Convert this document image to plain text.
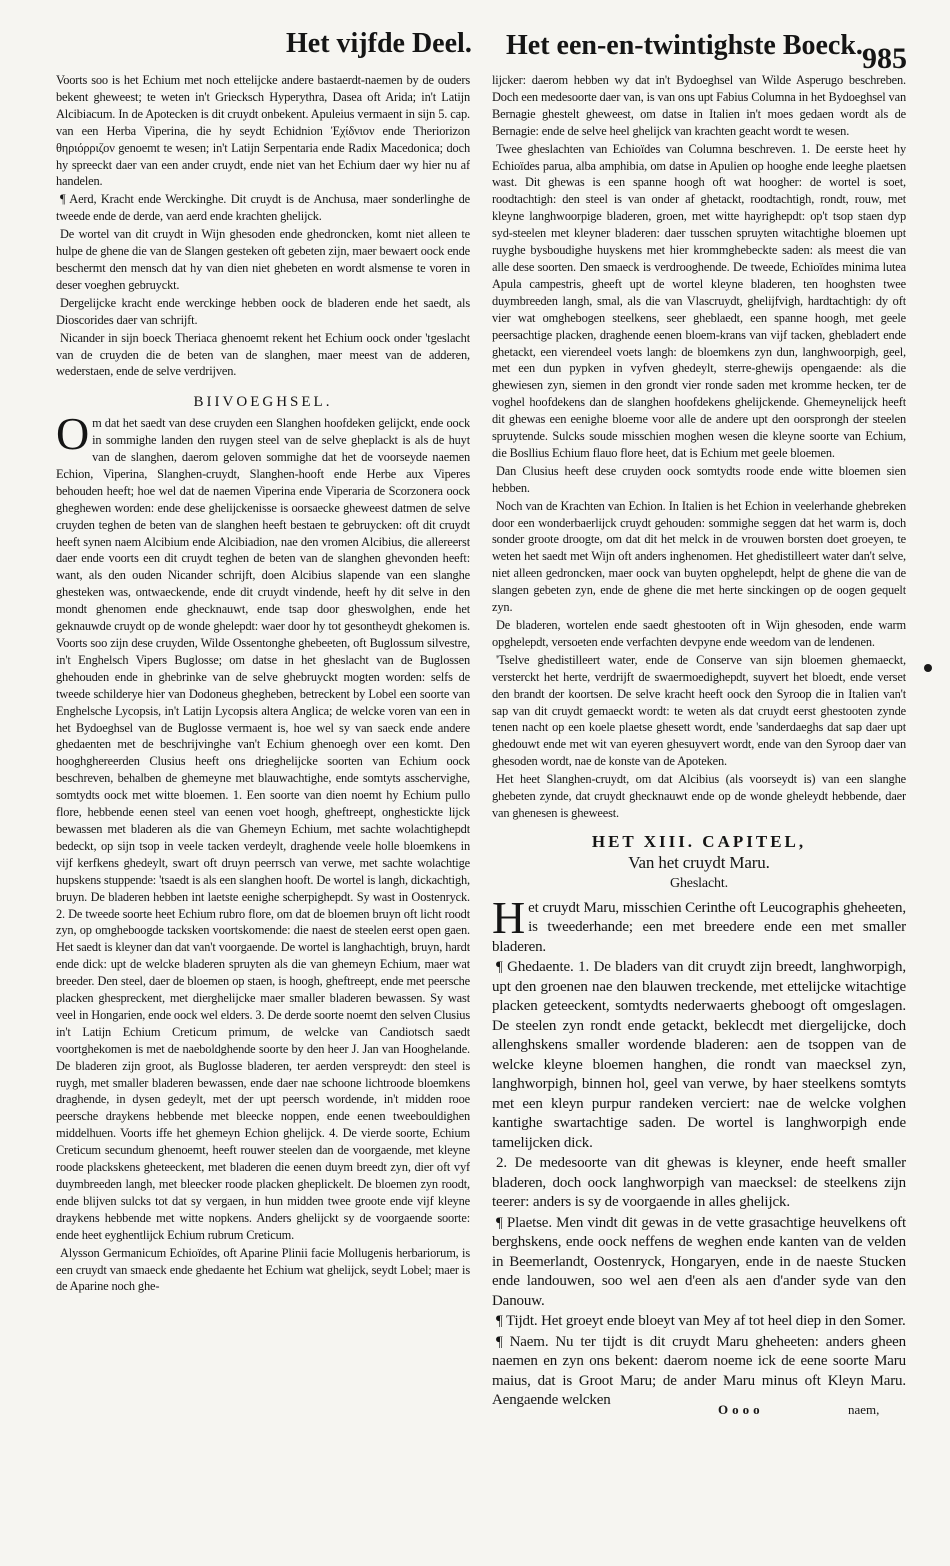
Het vijfde Deel. Het een-en-twintighste Boeck. 985

Voorts soo is het Echium met noch ettelijcke andere bastaerdt-naemen by de ouders bekent gheweest; te weten in't Griecksch Hyperythra, Dasea oft Arida; in't Latijn Alcibiacum. In de Apotecken is dit cruydt onbekent. Apuleius vermaent in sijn 5. cap. van een Herba Viperina, die hy seydt Echidnion Ἐχίδνιον ende Theriorizon θηριόρριζον genoemt te wesen; in't Latijn Serpentaria ende Radix Macedonica; doch hy spreeckt daer van een ander cruydt, ende niet van het Echium daer wy hier nu af handelen.

¶ Aerd, Kracht ende Werckinghe. Dit cruydt is de Anchusa, maer sonderlinghe de tweede ende de derde, van aerd ende krachten ghelijck.

De wortel van dit cruydt in Wijn ghesoden ende ghedroncken, komt niet alleen te hulpe de ghene die van de Slangen gesteken oft gebeten zijn, maer bewaert oock ende beschermt den mensch dat hy van dien niet ghebeten en wordt alsmense te voren in deser voeghen gebruyckt.

Dergelijcke kracht ende werckinge hebben oock de bladeren ende het saedt, als Dioscorides daer van schrijft.

Nicander in sijn boeck Theriaca ghenoemt rekent het Echium oock onder 'tgeslacht van de cruyden die de beten van de slanghen, maer meest van de adderen, wederstaen, ende de selve verdrijven.

BIIVOEGHSEL.

Om dat het saedt van dese cruyden een Slanghen hoofdeken gelijckt, ende oock in sommighe landen den ruygen steel van de selve gheplackt is als de huyt van de slanghen, daerom geloven sommighe dat het de voorseyde naemen Echion, Viperina, Slanghen-cruydt, Slanghen-hooft ende Herbe aux Viperes behouden heeft; hoe wel dat de naemen Viperina ende Viperaria de Scorzonera oock gheghewen worden: ende dese ghelijckenisse is oorsaecke gheweest datmen de selve cruyden teghen de beten van de slanghen heeft bestaen te gebruycken: oft dit cruydt heeft synen naem Alcibium ende Alcibiadion, nae den vromen Alcibius, die allereerst daer ende voorts een dit cruydt teghen de beten van de slanghen ghevonden heeft: want, als den ouden Nicander schrijft, doen Alcibius slapende van een slanghe ghesteken was, ontwaeckende, ende dit cruydt vindende, heeft hy dit selve in den mondt ghenomen ende ghecknauwt, ende tsap door gheswolghen, ende het geknauwde cruydt op de wonde ghelepdt: waer door hy tot gesontheydt ghekomen is. Voorts soo zijn dese cruyden, Wilde Ossentonghe ghebeeten, oft Buglossum silvestre, in't Enghelsch Vipers Buglosse; om datse in het gheslacht van de Buglossen ghehouden ende in ghebrinke van de selve ghebruyckt mogten worden: selfs de tweede schilderye hier van Dodoneus ghegheben, betreckent by Lobel een soorte van Enghelsche Lycopsis, in't Latijn Lycopsis altera Anglica; de welcke voren van een in het Bydoeghsel van de Buglosse vermaent is, hoe wel sy van saeck ende andere ghedaenten met de beschrijvinghe van't Echium ghenoegh over een komt. Den hooghghereerden Clusius heeft ons drieghelijcke soorten van Echium oock beschreven, behalben de ghemeyne met blauwachtighe, ende somtyts asschervighe, somtydts oock met witte bloemen. 1. Een soorte van dien noemt hy Echium pullo flore, hebbende eenen steel van eenen voet hoogh, gheftreept, onghestickte lijck bewassen met bladeren als die van Ghemeyn Echium, met sachte wolachtighepdt bedeckt, op sijn tsop in veele tacken verdeylt, draghende veele holle bloemkens in vijf kerfkens ghedeylt, swart oft druyn peerrsch van verwe, met sachte wolachtige hupskens stuppende: 'tsaedt is als een slanghen hooft. De wortel is langh, dickachtigh, bruyn. De bladeren hebben int laetste eenighe scherpighepdt. Sy wast in Oostenryck. 2. De tweede soorte heet Echium rubro flore, om dat de bloemen bruyn oft licht roodt zyn, op omgheboogde tacksken voortskomende: die naest de steelen eerst open gaen. Het saedt is kleyner dan dat van't voorgaende. De wortel is langhachtigh, bruyn, hardt ende dick: upt de welcke bladeren spruyten als die van ghemeyn Echium, maer wat breeder. Den steel, daer de bloemen op staen, is hoogh, gheftreept, ende met peersche placken ghespreckent, met dierghelijcke maer smaller bladeren bewassen. Sy wast veel in Hongarien, ende oock wel elders. 3. De derde soorte noemt den selven Clusius in't Latijn Echium Creticum primum, de welcke van Candiotsch saedt voortghekomen is met de naeboldghende soorte by den heer J. Jan van Hooghelande. De bladeren zijn groot, als Buglosse bladeren, ter aerden verspreydt: den steel is ruygh, met smaller bladeren bewassen, ende daer nae schoone lichtroode bloemkens draghende, in dysen gedeylt, met der upt peersch wordende, in't midden rooe peersche draykens hebbende met bleecke noppen, ende eenen tweebouldighen middelhuen. Voorts iffe het ghemeyn Echion ghelijck. 4. De vierde soorte, Echium Creticum secundum ghenoemt, heeft rouwer steelen dan de voorgaende, met kleyne roode plackskens gheteeckent, met bladeren die eenen duym breedt zyn, dier oft vyf duymbreeden langh, met bleecker roode placken gheplickelt. De bloemen zyn roodt, ende blijven sulcks tot dat sy vergaen, in hun midden twee groote ende vijf kleyne draykens hebbende met witte nopkens. Anders ghelijckt sy de voorgaende soorte: ende heet eyghentlijck Echium rubrum Creticum.

Alysson Germanicum Echioïdes, oft Aparine Plinii facie Mollugenis herbariorum, is een cruydt van smaeck ende ghedaente het Echium wat ghelijck, seydt Lobel; maer is de Aparine noch ghe-

lijcker: daerom hebben wy dat in't Bydoeghsel van Wilde Asperugo beschreben. Doch een medesoorte daer van, is van ons upt Fabius Columna in het Bydoeghsel van Bernagie ghestelt gheweest, om datse in Italien in't moes gedaen wordt als de Bernagie: ende de selve heel ghelijck van krachten geacht wordt te wesen.

Twee gheslachten van Echioïdes van Columna beschreven. 1. De eerste heet hy Echioïdes parua, alba amphibia, om datse in Apulien op hooghe ende leeghe plaetsen wast. Dit ghewas is een spanne hoogh oft wat hoogher: de wortel is soet, roodtachtigh: den steel is van onder af ghetackt, roodtachtigh, rondt, rouw, met kleyne langhwoorpige bladeren, groen, met witte hayrighepdt: op't tsop staen dyp syd-steelen met kleyner bladeren: daer tusschen spruyten witachtighe bloemen upt ruyghe bysboudighe huyskens met hier krommghebeckte saden: als meest die van alle dese soorten. Den smaeck is verdrooghende. De tweede, Echioïdes minima lutea Apula campestris, gheeft upt de wortel kleyne bladeren, ten hooghsten twee duymbreeden langh, smal, als die van Vlascruydt, ghelijfvigh, hardtachtigh: dy oft vier wat omghebogen steelkens, seer gheblaedt, een spanne hoogh, met geele peersachtige placken, draghende eenen bloem-krans van vijf tacken, ghebladert ende ghetackt, een vierendeel voets langh: de bloemkens zyn dun, langhwoorpigh, geel, met een dun pypken in vyfven ghedeylt, sterre-ghewijs opengaende: als die ghewiesen zyn, siemen in den grondt vier ronde saden met kromme hecken, ter de voghel hoofdekens dan de slanghen hoofdekens ghelijckende. Ghemeynelijck heeft dit ghewas een eenighe bloeme voor alle de andere upt den oorsprongh der steelen spruytende. Sulcks soude misschien moghen wesen die kleyne soorte van Echium, die Bosllius Echium flauo flore heet, dat is Echium met geele bloemen.

Dan Clusius heeft dese cruyden oock somtydts roode ende witte bloemen sien hebben.

Noch van de Krachten van Echion. In Italien is het Echion in veelerhande ghebreken door een wonderbaerlijck cruydt gehouden: sommighe seggen dat het warm is, doch sonder groote droogte, om dat dit het melck in de vrouwen borsten doet groeyen, te weten het saedt met Wijn oft anders inghenomen. Het ghedistilleert water dan't selve, niet alleen gedroncken, maer oock van buyten opghelepdt, helpt de ghene die van de slangen gebeten zyn, ende de ghene die met herte sinckingen op de oogen gequelt zyn.

De bladeren, wortelen ende saedt ghestooten oft in Wijn ghesoden, ende warm opghelepdt, versoeten ende verfachten devpyne ende weedom van de lendenen.

'Tselve ghedistilleert water, ende de Conserve van sijn bloemen ghemaeckt, versterckt het herte, verdrijft de swaermoedighepdt, suyvert het bloedt, ende verset den brandt der koortsen. De selve kracht heeft oock den Syroop die in Italien van't sap van dit cruydt gemaeckt wordt: te weten als dat cruydt eerst ghestooten zynde tenen nacht op een koele plaetse ghesett wordt, ende 'sanderdaeghs dat sap daer upt ghedouwt ende met wit van eyeren ghesuyvert wordt, ende van den Syroop daer van ghesoden wordt, nae de konste van de Apoteken.

Het heet Slanghen-cruydt, om dat Alcibius (als voorseydt is) van een slanghe ghebeten zynde, dat cruydt ghecknauwt ende op de wonde gheleydt hebbende, daer van ghenesen is gheweest.

HET XIII. CAPITEL,
Van het cruydt Maru.
Gheslacht.

Het cruydt Maru, misschien Cerinthe oft Leucographis gheheeten, is tweederhande; een met breedere ende een met smaller bladeren.

¶ Ghedaente. 1. De bladers van dit cruydt zijn breedt, langhworpigh, upt den groenen nae den blauwen treckende, met ettelijcke witachtige placken geteeckent, somtydts nederwaerts gheboogt oft omgeslagen. De steelen zyn rondt ende getackt, beklecdt met diergelijcke, doch allenghskens smaller wordende bladeren: aen de tsoppen van de welcke kleyne bloemen hanghen, die rondt van maecksel zyn, langhworpigh, binnen hol, geel van verwe, by haer steelkens somtyts met een kleyn purpur randeken verciert: nae de welcke volghen kantighe swartachtige saden. De wortel is langhworpigh ende tamelijcken dick.

2. De medesoorte van dit ghewas is kleyner, ende heeft smaller bladeren, doch oock langhworpigh van maecksel: de steelkens zijn teerer: anders is sy de voorgaende in alles ghelijck.

¶ Plaetse. Men vindt dit gewas in de vette grasachtige heuvelkens oft berghskens, ende oock neffens de weghen ende kanten van de velden in Beemerlandt, Oostenryck, Hongaryen, ende in de naeste Stucken ende landouwen, soo wel aen d'een als aen d'ander syde van den Danouw.

¶ Tijdt. Het groeyt ende bloeyt van Mey af tot heel diep in den Somer.

¶ Naem. Nu ter tijdt is dit cruydt Maru gheheeten: anders gheen naemen en zyn ons bekent: daerom noeme ick de eene soorte Maru maius, dat is Groot Maru; de ander Maru minus oft Kleyn Maru. Aengaende welcken

Oooo	naem,
